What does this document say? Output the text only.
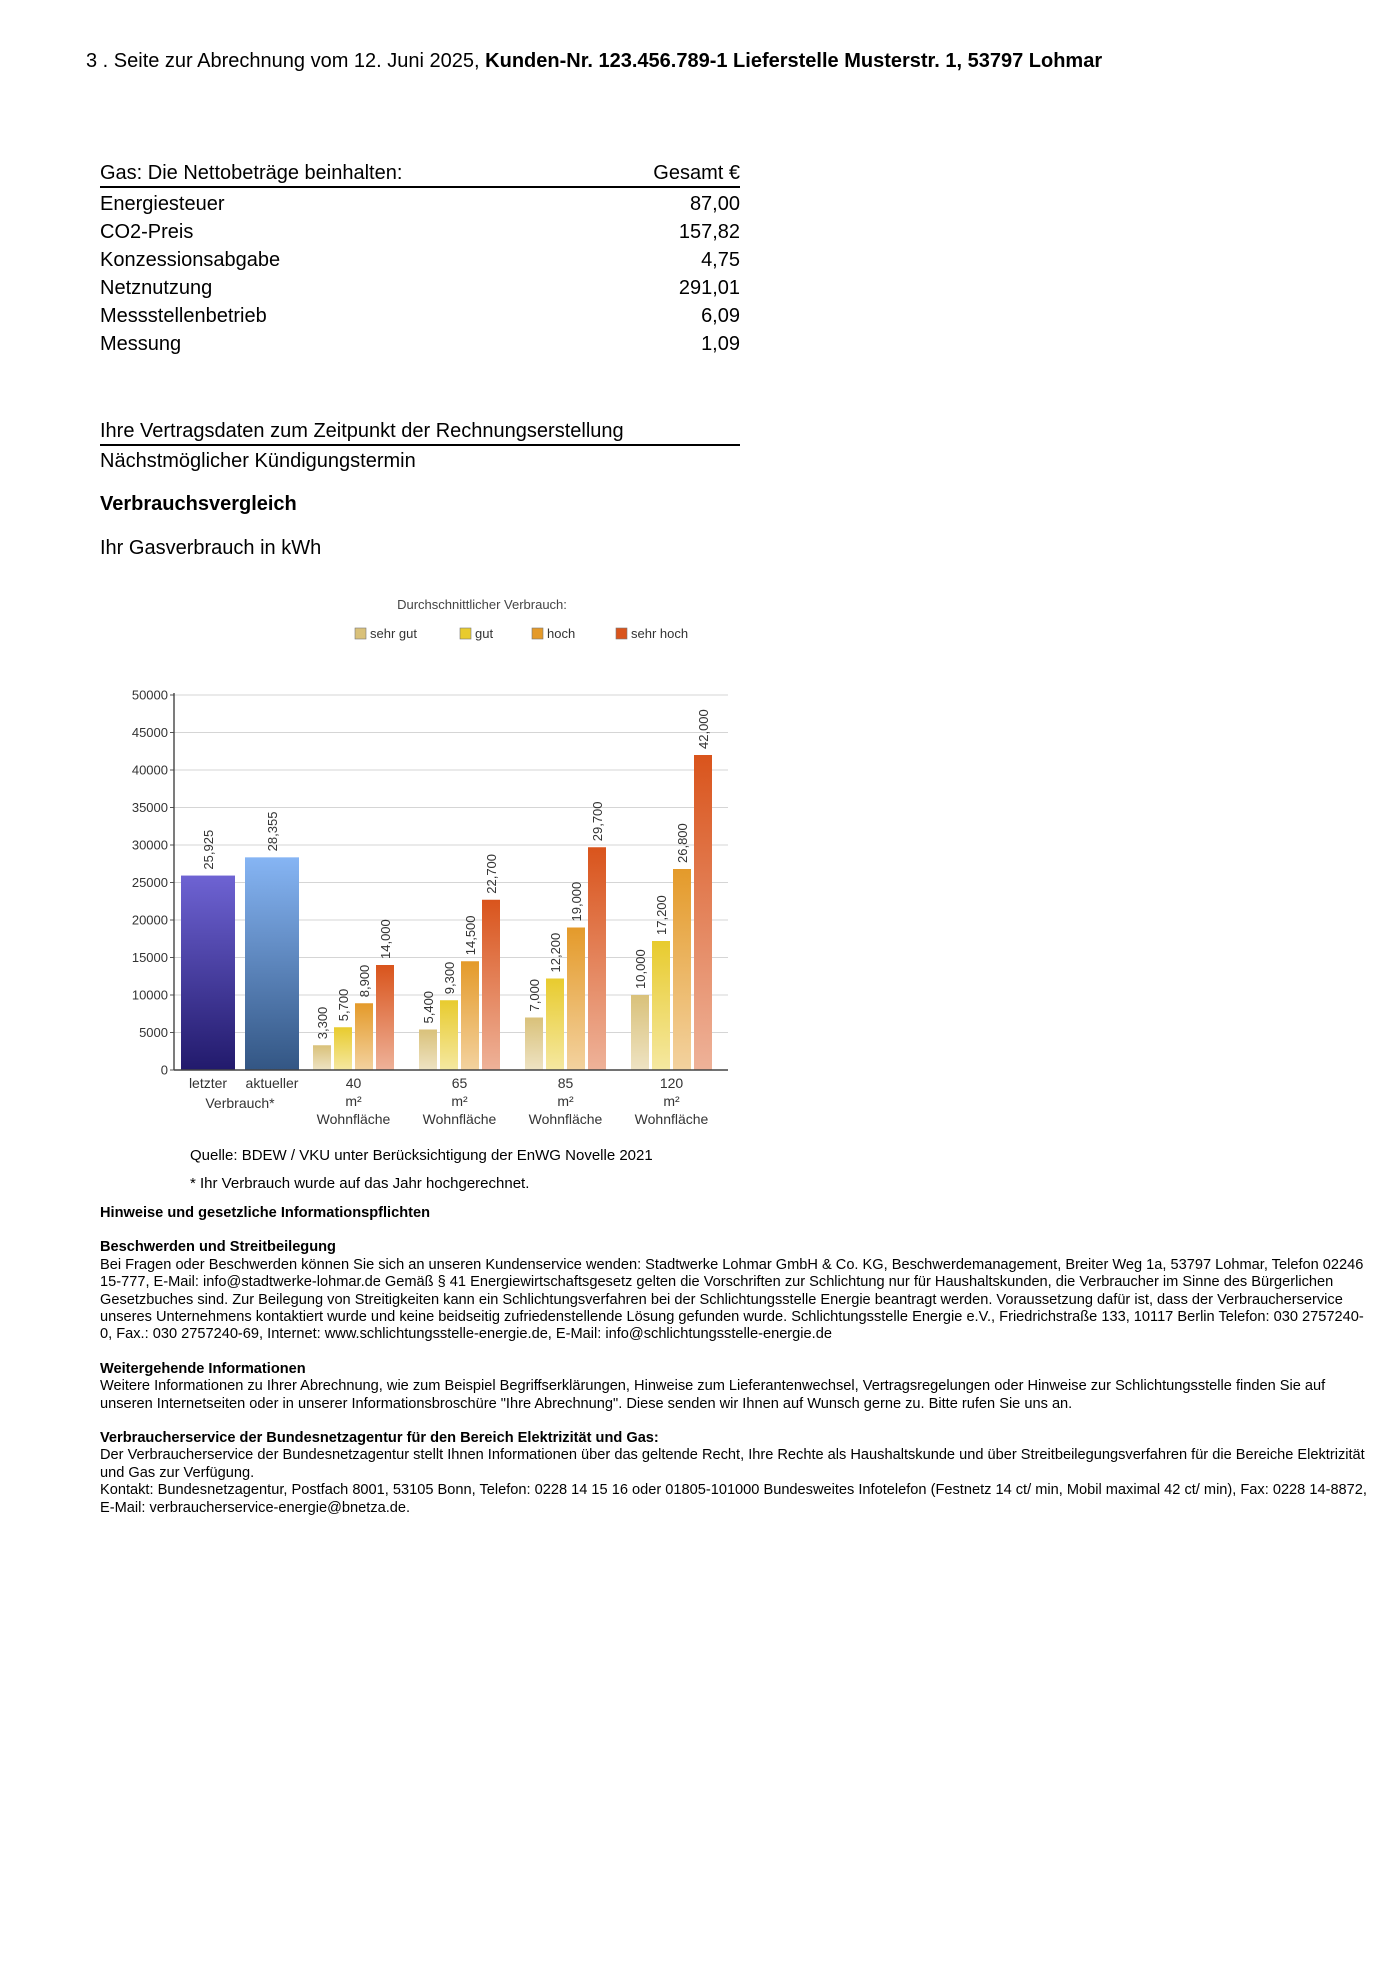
3 . Seite zur Abrechnung vom 12. Juni 2025, Kunden-Nr. 123.456.789-1 Lieferstelle Musterstr. 1, 53797 Lohmar
Gas: Die Nettobeträge beinhalten:	Gesamt €
Energiesteuer	87,00
CO2-Preis	157,82
Konzessionsabgabe	4,75
Netznutzung	291,01
Messstellenbetrieb	6,09
Messung	1,09
Ihre Vertragsdaten zum Zeitpunkt der Rechnungserstellung
Nächstmöglicher Kündigungstermin
Verbrauchsvergleich
Ihr Gasverbrauch in kWh
Durchschnittlicher Verbrauch:
sehr gut	gut	hoch	sehr hoch
25,925	28,355
3,300
5,700
8,900
14,000
5,400
9,300
14,500
22,700
7,000
12,200
19,000
29,700
10,000
17,200
26,800
42,000
0
5000
10000
15000
20000
25000
30000
35000
40000
45000
50000
letzter aktueller
Verbrauch*
40
m²
Wohnfläche
65
m²
Wohnfläche
85
m²
Wohnfläche
120
m²
Wohnfläche
Quelle: BDEW / VKU unter Berücksichtigung der EnWG Novelle 2021
* Ihr Verbrauch wurde auf das Jahr hochgerechnet.

Hinweise und gesetzliche Informationspflichten

Beschwerden und Streitbeilegung

Bei Fragen oder Beschwerden können Sie sich an unseren Kundenservice wenden: Stadtwerke Lohmar GmbH & Co. KG, Beschwerdemanagement, Breiter Weg 1a, 53797 Lohmar, Telefon 02246 15-777, E-Mail: info@stadtwerke-lohmar.de Gemäß § 41 Energiewirtschaftsgesetz gelten die Vorschriften zur Schlichtung nur für Haushaltskunden, die Verbraucher im Sinne des Bürgerlichen Gesetzbuches sind. Zur Beilegung von Streitigkeiten kann ein Schlichtungsverfahren bei der Schlichtungsstelle Energie beantragt werden. Voraussetzung dafür ist, dass der Verbraucherservice unseres Unternehmens kontaktiert wurde und keine beidseitig zufriedenstellende Lösung gefunden wurde. Schlichtungsstelle Energie e.V., Friedrichstraße 133, 10117 Berlin Telefon: 030 2757240-0, Fax.: 030 2757240-69, Internet: www.schlichtungsstelle-energie.de, E-Mail: info@schlichtungsstelle-energie.de

Weitergehende Informationen

Weitere Informationen zu Ihrer Abrechnung, wie zum Beispiel Begriffserklärungen, Hinweise zum Lieferantenwechsel, Vertragsregelungen oder Hinweise zur Schlichtungsstelle finden Sie auf unseren Internetseiten oder in unserer Informationsbroschüre "Ihre Abrechnung". Diese senden wir Ihnen auf Wunsch gerne zu. Bitte rufen Sie uns an.

Verbraucherservice der Bundesnetzagentur für den Bereich Elektrizität und Gas:

Der Verbraucherservice der Bundesnetzagentur stellt Ihnen Informationen über das geltende Recht, Ihre Rechte als Haushaltskunde und über Streitbeilegungsverfahren für die Bereiche Elektrizität und Gas zur Verfügung.

Kontakt: Bundesnetzagentur, Postfach 8001, 53105 Bonn, Telefon: 0228 14 15 16 oder 01805-101000 Bundesweites Infotelefon (Festnetz 14 ct/ min, Mobil maximal 42 ct/ min), Fax: 0228 14-8872, E-Mail: verbraucherservice-energie@bnetza.de.
